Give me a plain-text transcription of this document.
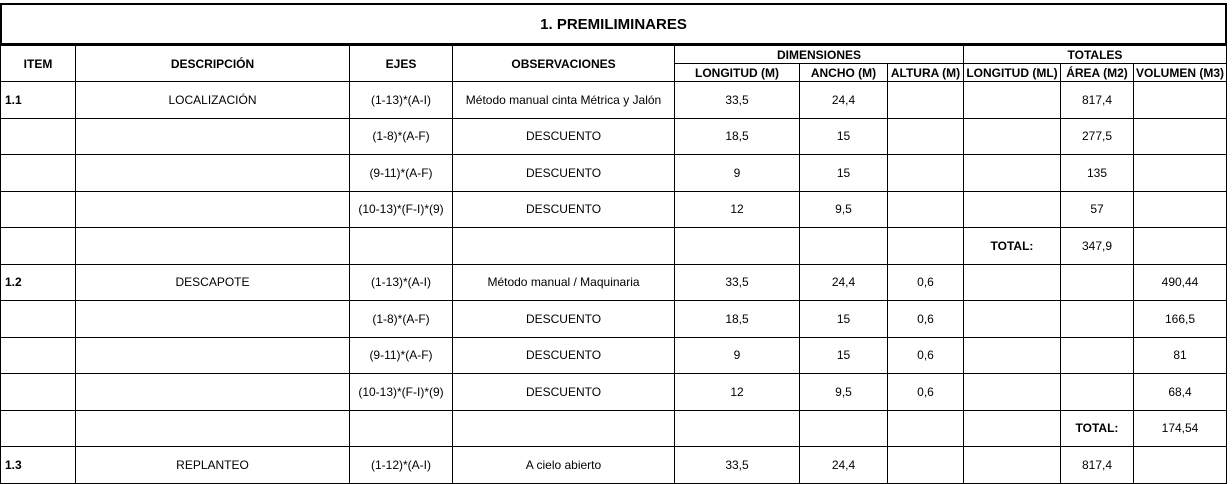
1. PREMILIMINARES
ITEM	DESCRIPCIÓN	EJES	OBSERVACIONES	DIMENSIONES			TOTALES		
				LONGITUD (M)	ANCHO (M)	ALTURA (M)	LONGITUD (ML)	ÁREA (M2)	VOLUMEN (M3)
1.1	LOCALIZACIÓN	(1-13)*(A-I)	Método manual cinta Métrica y Jalón	33,5	24,4			817,4	
		(1-8)*(A-F)	DESCUENTO	18,5	15			277,5	
		(9-11)*(A-F)	DESCUENTO	9	15			135	
		(10-13)*(F-I)*(9)	DESCUENTO	12	9,5			57	
							TOTAL:	347,9	
1.2	DESCAPOTE	(1-13)*(A-I)	Método manual / Maquinaria	33,5	24,4	0,6			490,44
		(1-8)*(A-F)	DESCUENTO	18,5	15	0,6			166,5
		(9-11)*(A-F)	DESCUENTO	9	15	0,6			81
		(10-13)*(F-I)*(9)	DESCUENTO	12	9,5	0,6			68,4
								TOTAL:	174,54
1.3	REPLANTEO	(1-12)*(A-I)	A cielo abierto	33,5	24,4			817,4	
